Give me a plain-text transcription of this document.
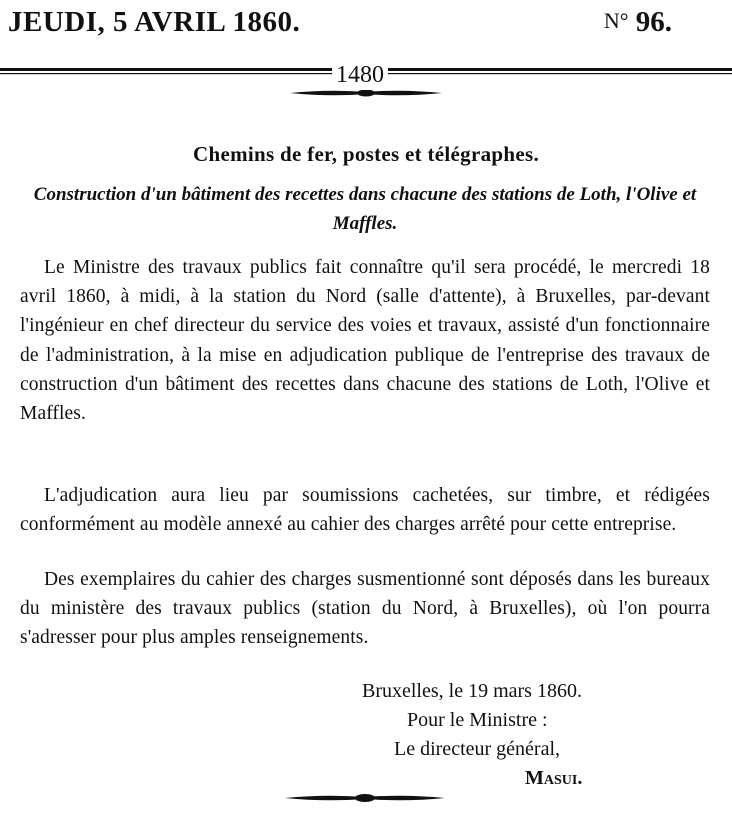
JEUDI, 5 AVRIL 1860.	N° 96.
1480
Chemins de fer, postes et télégraphes.
Construction d'un bâtiment des recettes dans chacune des stations de Loth, l'Olive et Maffles.
Le Ministre des travaux publics fait connaître qu'il sera procédé, le mercredi 18 avril 1860, à midi, à la station du Nord (salle d'attente), à Bruxelles, par-devant l'ingénieur en chef directeur du service des voies et travaux, assisté d'un fonctionnaire de l'administration, à la mise en adjudication publique de l'entreprise des travaux de construction d'un bâtiment des recettes dans chacune des stations de Loth, l'Olive et Maffles.
L'adjudication aura lieu par soumissions cachetées, sur timbre, et rédigées conformément au modèle annexé au cahier des charges arrêté pour cette entreprise.
Des exemplaires du cahier des charges susmentionné sont déposés dans les bureaux du ministère des travaux publics (station du Nord, à Bruxelles), où l'on pourra s'adresser pour plus amples renseignements.
Bruxelles, le 19 mars 1860.
Pour le Ministre :
Le directeur général,
Masui.
